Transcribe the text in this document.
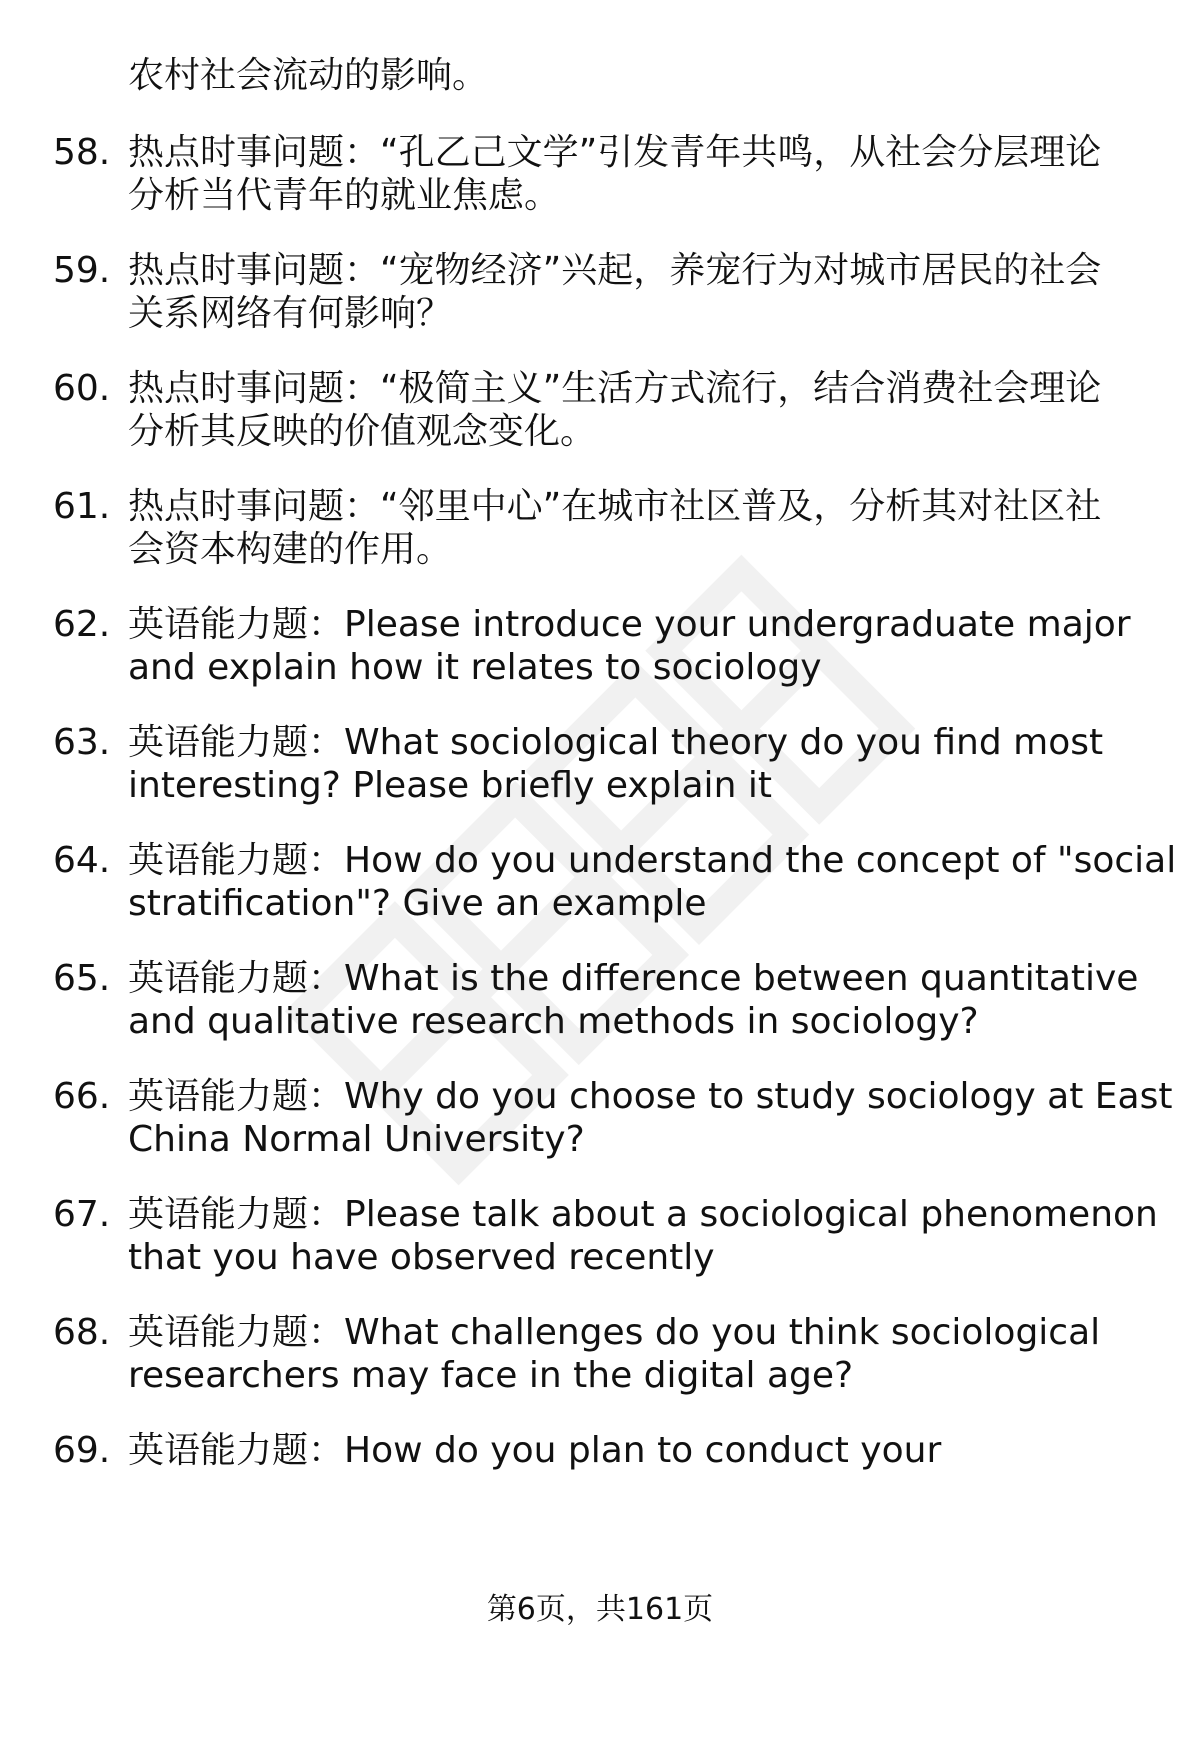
农村社会流动的影响。
58. 热点时事问题：“孔乙己文学”引发青年共鸣，从社会分层理论
分析当代青年的就业焦虑。
59. 热点时事问题：“宠物经济”兴起，养宠行为对城市居民的社会
关系网络有何影响？
60. 热点时事问题：“极简主义”生活方式流行，结合消费社会理论
分析其反映的价值观念变化。
61. 热点时事问题：“邻里中心”在城市社区普及，分析其对社区社
会资本构建的作用。
62. 英语能力题：Please introduce your undergraduate major
and explain how it relates to sociology
63. 英语能力题：What sociological theory do you find most
interesting? Please briefly explain it
64. 英语能力题：How do you understand the concept of "social
stratification"? Give an example
65. 英语能力题：What is the difference between quantitative
and qualitative research methods in sociology?
66. 英语能力题：Why do you choose to study sociology at East
China Normal University?
67. 英语能力题：Please talk about a sociological phenomenon
that you have observed recently
68. 英语能力题：What challenges do you think sociological
researchers may face in the digital age?
69. 英语能力题：How do you plan to conduct your
第6页，共161页
